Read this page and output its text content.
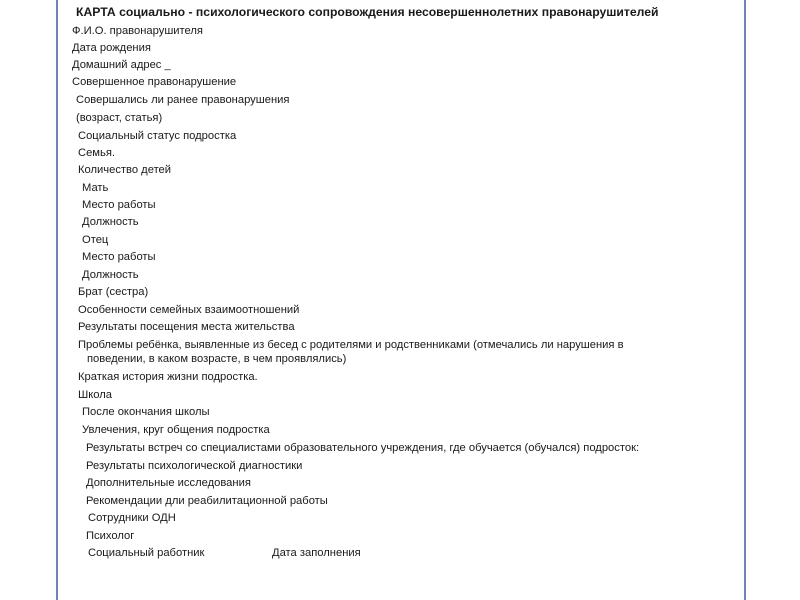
КАРТА социально - психологического сопровождения несовершеннолетних правонарушителей
Ф.И.О. правонарушителя
Дата рождения
Домашний адрес _
Совершенное правонарушение
Совершались ли ранее правонарушения
(возраст, статья)
Социальный статус подростка
Семья.
Количество детей
Мать
Место работы
Должность
Отец
Место работы
Должность
Брат (сестра)
Особенности семейных взаимоотношений
Результаты посещения места жительства
Проблемы ребёнка, выявленные из бесед с родителями и родственниками (отмечались ли нарушения в
поведении, в каком возрасте, в чем проявлялись)
Краткая история жизни подростка.
Школа
После окончания школы
Увлечения, круг общения подростка
Результаты встреч со специалистами образовательного учреждения, где обучается (обучался) подросток:
Результаты психологической диагностики
Дополнительные исследования
Рекомендации дли реабилитационной работы
Сотрудники ОДН
Психолог
Социальный работник	Дата заполнения
